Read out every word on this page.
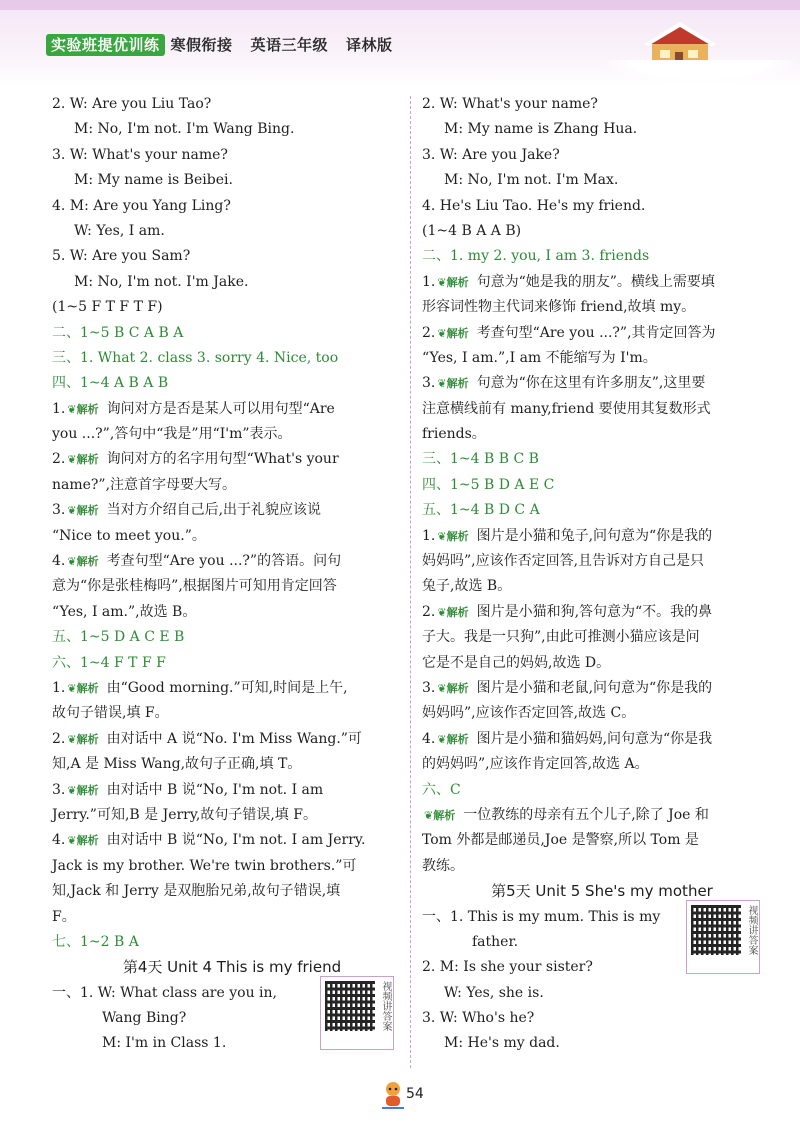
实验班提优训练 寒假衔接 英语三年级 译林版
2. W: Are you Liu Tao?
M: No, I'm not. I'm Wang Bing.
3. W: What's your name?
M: My name is Beibei.
4. M: Are you Yang Ling?
W: Yes, I am.
5. W: Are you Sam?
M: No, I'm not. I'm Jake.
(1~5 F T F T F)
二、1~5 B C A B A
三、1. What 2. class 3. sorry 4. Nice, too
四、1~4 A B A B
1. ❦解析 询问对方是否是某人可以用句型“Are
you ...?”,答句中“我是”用“I'm”表示。
2. ❦解析 询问对方的名字用句型“What's your
name?”,注意首字母要大写。
3. ❦解析 当对方介绍自己后,出于礼貌应该说
“Nice to meet you.”。
4. ❦解析 考查句型“Are you ...?”的答语。问句
意为“你是张桂梅吗”,根据图片可知用肯定回答
“Yes, I am.”,故选 B。
五、1~5 D A C E B
六、1~4 F T F F
1. ❦解析 由“Good morning.”可知,时间是上午,
故句子错误,填 F。
2. ❦解析 由对话中 A 说“No. I'm Miss Wang.”可
知,A 是 Miss Wang,故句子正确,填 T。
3. ❦解析 由对话中 B 说“No, I'm not. I am
Jerry.”可知,B 是 Jerry,故句子错误,填 F。
4. ❦解析 由对话中 B 说“No, I'm not. I am Jerry.
Jack is my brother. We're twin brothers.”可
知,Jack 和 Jerry 是双胞胎兄弟,故句子错误,填
F。
七、1~2 B A
第4天 Unit 4 This is my friend
一、1. W: What class are you in,
Wang Bing?
M: I'm in Class 1.
视频讲答案
2. W: What's your name?
M: My name is Zhang Hua.
3. W: Are you Jake?
M: No, I'm not. I'm Max.
4. He's Liu Tao. He's my friend.
(1~4 B A A B)
二、1. my 2. you, I am 3. friends
1. ❦解析 句意为“她是我的朋友”。横线上需要填
形容词性物主代词来修饰 friend,故填 my。
2. ❦解析 考查句型“Are you ...?”,其肯定回答为
“Yes, I am.”,I am 不能缩写为 I'm。
3. ❦解析 句意为“你在这里有许多朋友”,这里要
注意横线前有 many,friend 要使用其复数形式
friends。
三、1~4 B B C B
四、1~5 B D A E C
五、1~4 B D C A
1. ❦解析 图片是小猫和兔子,问句意为“你是我的
妈妈吗”,应该作否定回答,且告诉对方自己是只
兔子,故选 B。
2. ❦解析 图片是小猫和狗,答句意为“不。我的鼻
子大。我是一只狗”,由此可推测小猫应该是问
它是不是自己的妈妈,故选 D。
3. ❦解析 图片是小猫和老鼠,问句意为“你是我的
妈妈吗”,应该作否定回答,故选 C。
4. ❦解析 图片是小猫和猫妈妈,问句意为“你是我
的妈妈吗”,应该作肯定回答,故选 A。
六、C
❦解析 一位教练的母亲有五个儿子,除了 Joe 和
Tom 外都是邮递员,Joe 是警察,所以 Tom 是
教练。
第5天 Unit 5 She's my mother
一、1. This is my mum. This is my
father.
2. M: Is she your sister?
W: Yes, she is.
3. W: Who's he?
M: He's my dad.
视频讲答案
54
